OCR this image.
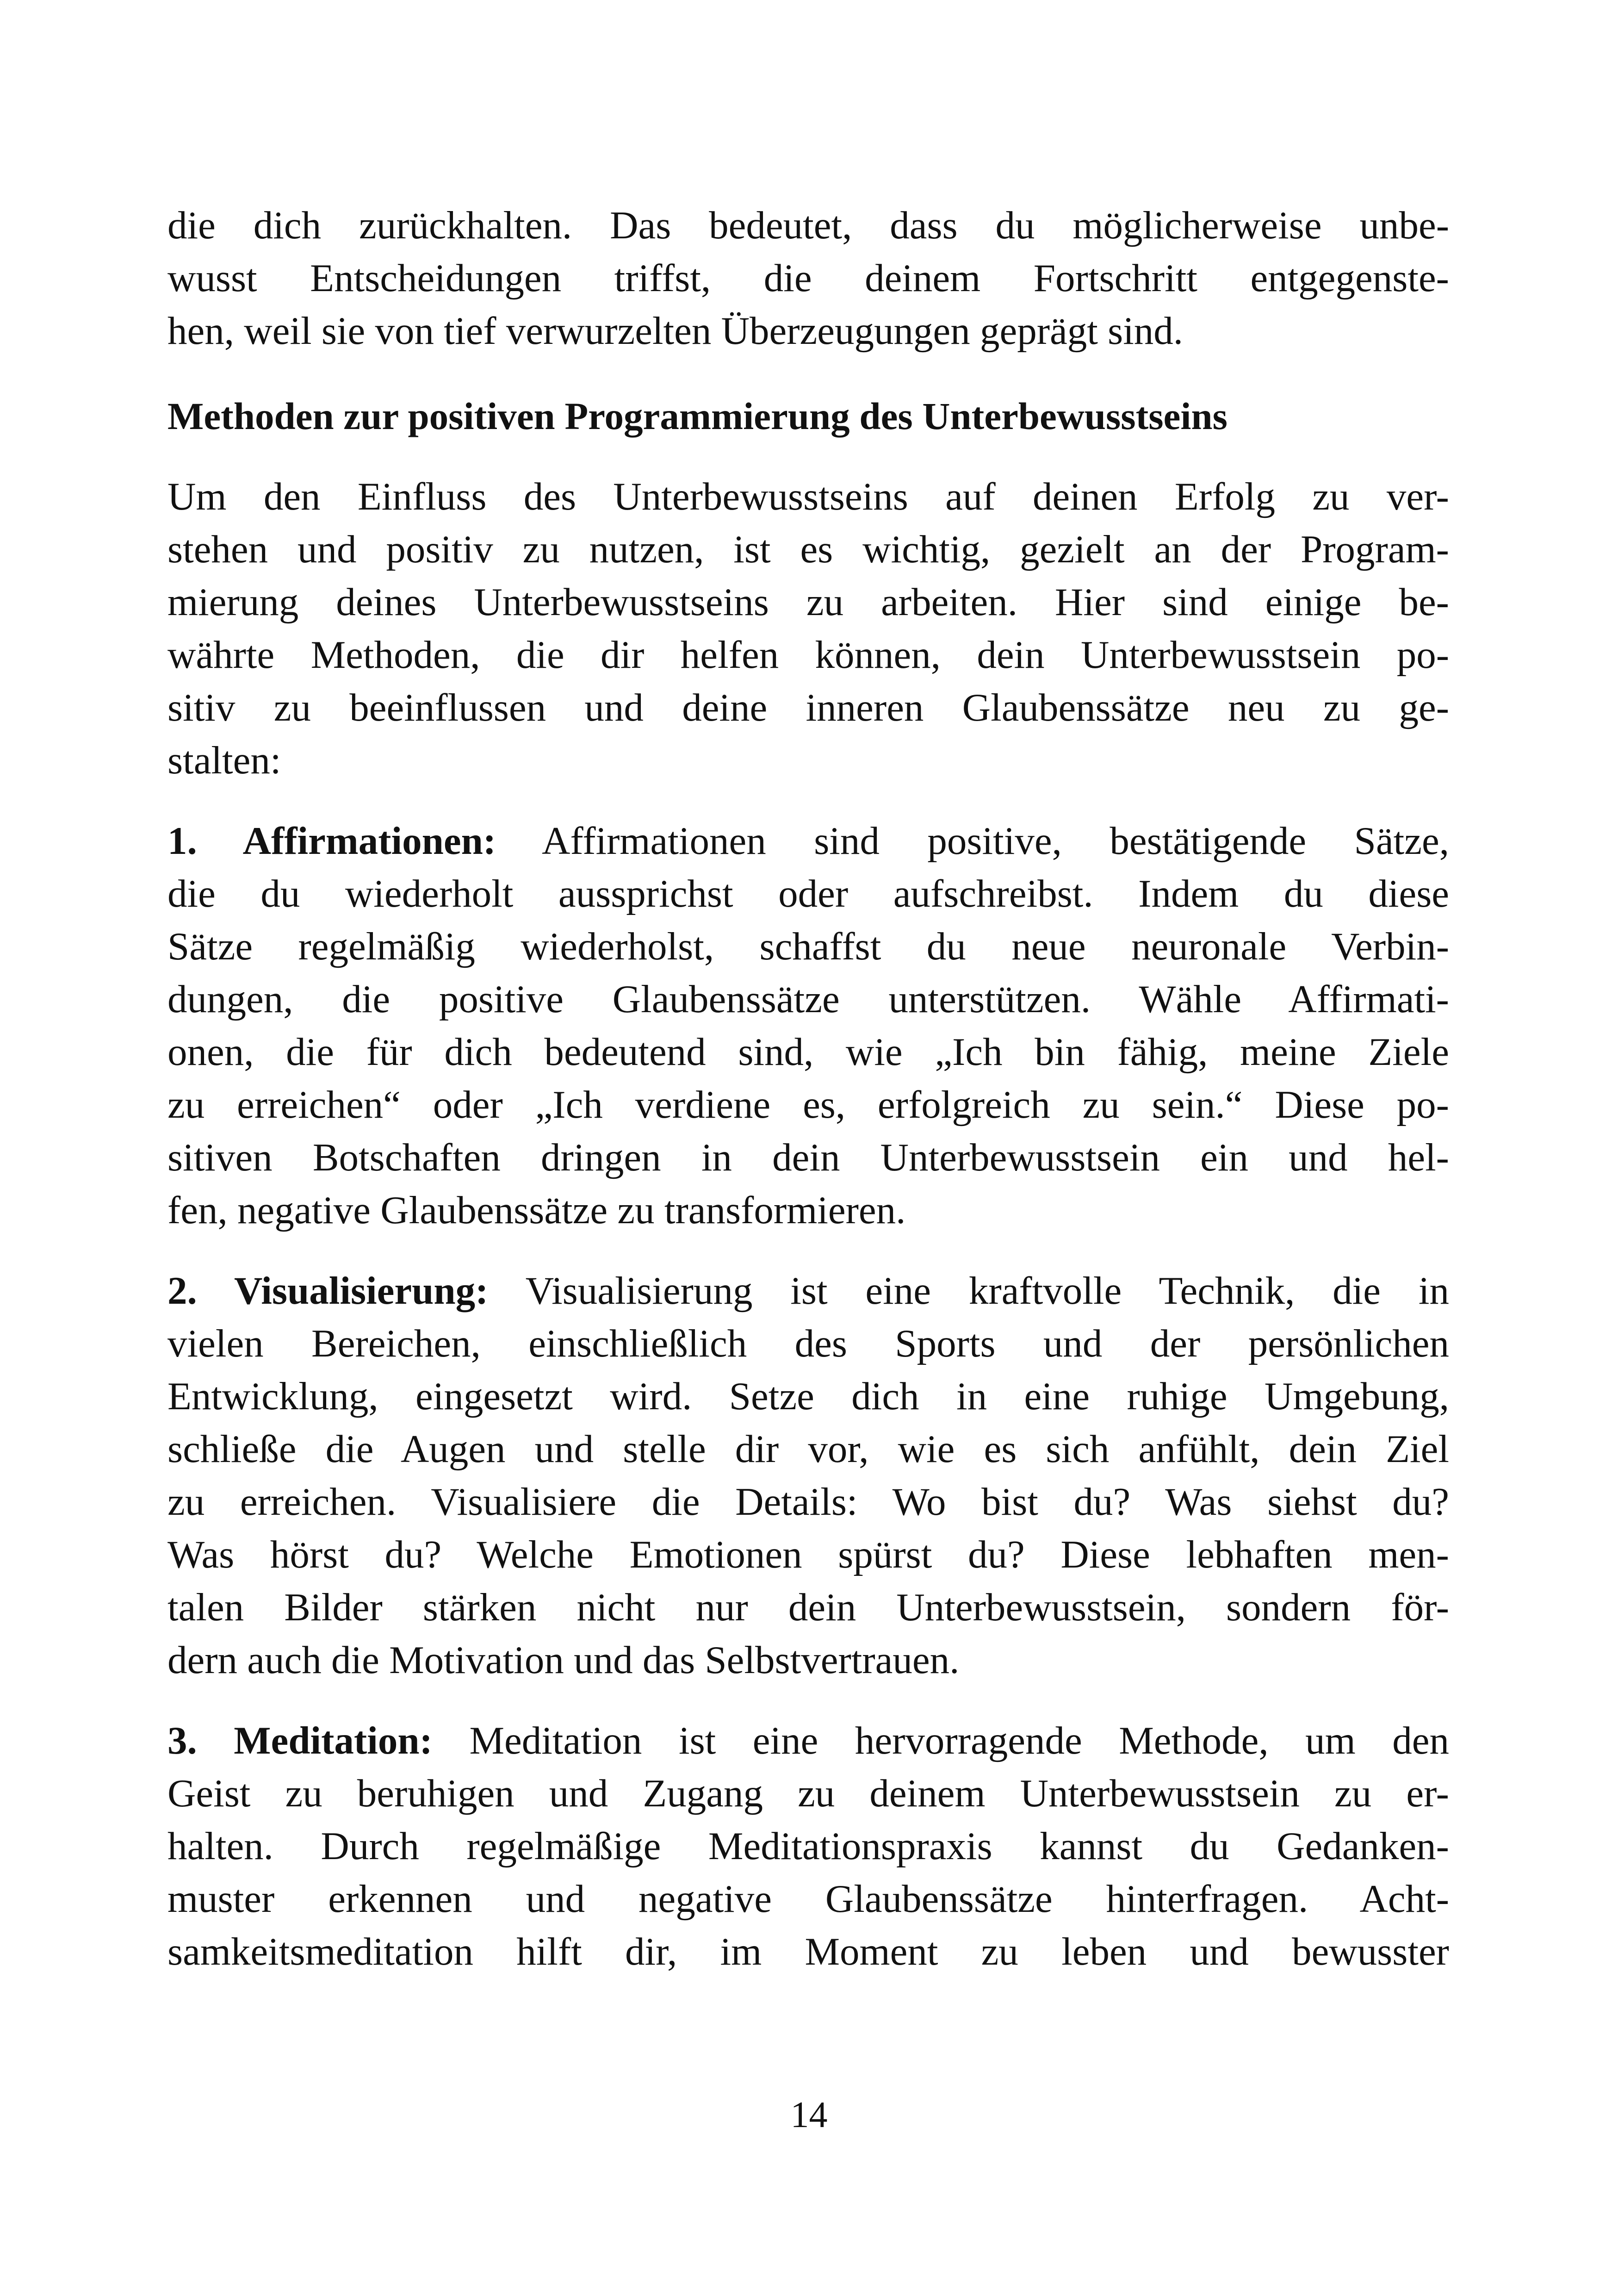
die dich zurückhalten. Das bedeutet, dass du möglicherweise unbe-
wusst Entscheidungen triffst, die deinem Fortschritt entgegenste-
hen, weil sie von tief verwurzelten Überzeugungen geprägt sind.
Methoden zur positiven Programmierung des Unterbewusstseins
Um den Einfluss des Unterbewusstseins auf deinen Erfolg zu ver-
stehen und positiv zu nutzen, ist es wichtig, gezielt an der Program-
mierung deines Unterbewusstseins zu arbeiten. Hier sind einige be-
währte Methoden, die dir helfen können, dein Unterbewusstsein po-
sitiv zu beeinflussen und deine inneren Glaubenssätze neu zu ge-
stalten:
1. Affirmationen: Affirmationen sind positive, bestätigende Sätze,
die du wiederholt aussprichst oder aufschreibst. Indem du diese
Sätze regelmäßig wiederholst, schaffst du neue neuronale Verbin-
dungen, die positive Glaubenssätze unterstützen. Wähle Affirmati-
onen, die für dich bedeutend sind, wie „Ich bin fähig, meine Ziele
zu erreichen“ oder „Ich verdiene es, erfolgreich zu sein.“ Diese po-
sitiven Botschaften dringen in dein Unterbewusstsein ein und hel-
fen, negative Glaubenssätze zu transformieren.
2. Visualisierung: Visualisierung ist eine kraftvolle Technik, die in
vielen Bereichen, einschließlich des Sports und der persönlichen
Entwicklung, eingesetzt wird. Setze dich in eine ruhige Umgebung,
schließe die Augen und stelle dir vor, wie es sich anfühlt, dein Ziel
zu erreichen. Visualisiere die Details: Wo bist du? Was siehst du?
Was hörst du? Welche Emotionen spürst du? Diese lebhaften men-
talen Bilder stärken nicht nur dein Unterbewusstsein, sondern för-
dern auch die Motivation und das Selbstvertrauen.
3. Meditation: Meditation ist eine hervorragende Methode, um den
Geist zu beruhigen und Zugang zu deinem Unterbewusstsein zu er-
halten. Durch regelmäßige Meditationspraxis kannst du Gedanken-
muster erkennen und negative Glaubenssätze hinterfragen. Acht-
samkeitsmeditation hilft dir, im Moment zu leben und bewusster
14
